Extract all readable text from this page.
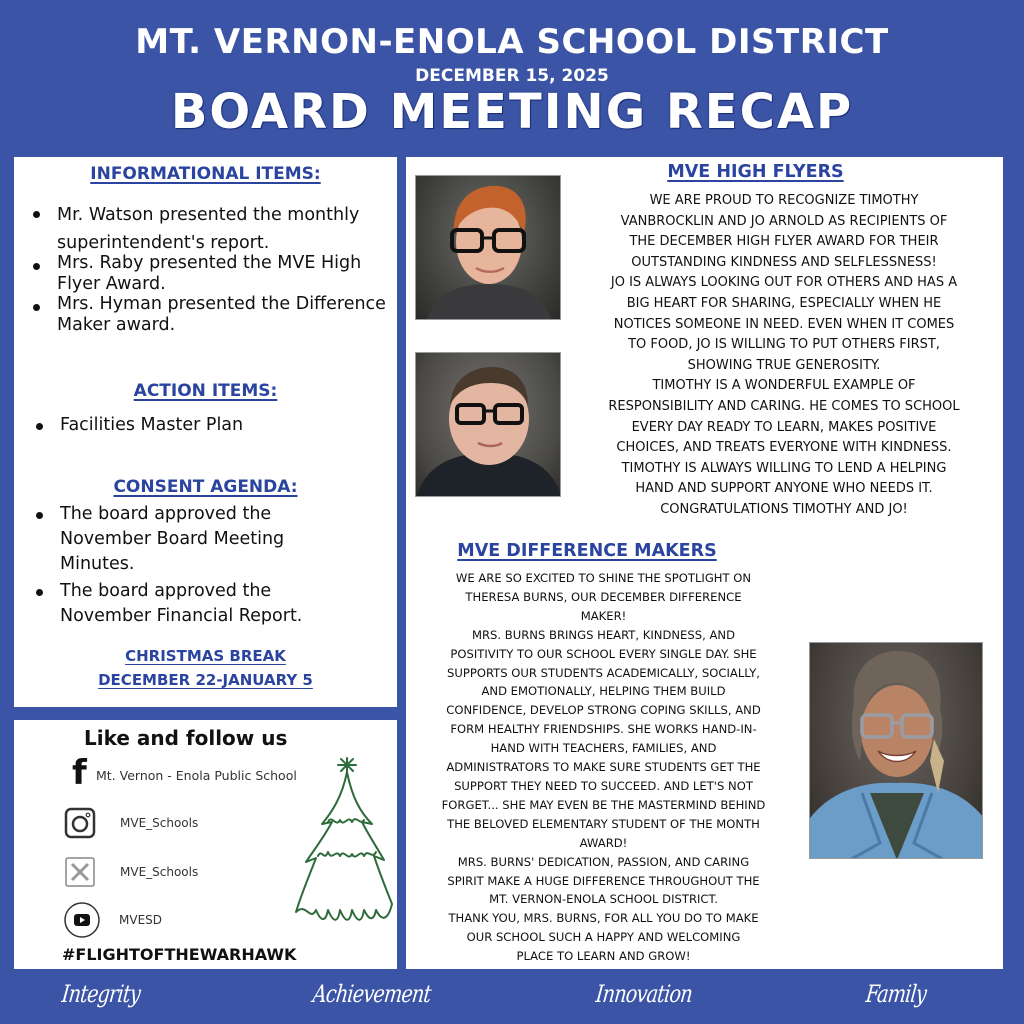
MT. VERNON-ENOLA SCHOOL DISTRICT
DECEMBER 15, 2025
BOARD MEETING RECAP
INFORMATIONAL ITEMS:
Mr. Watson presented the monthly superintendent's report.
Mrs. Raby presented the MVE High Flyer Award.
Mrs. Hyman presented the Difference Maker award.
ACTION ITEMS:
Facilities Master Plan
CONSENT AGENDA:
The board approved the November Board Meeting Minutes.
The board approved the November Financial Report.
CHRISTMAS BREAK
DECEMBER 22-JANUARY 5
Like and follow us
f Mt. Vernon - Enola Public School
MVE_Schools
MVE_Schools
MVESD
#FLIGHTOFTHEWARHAWK
MVE HIGH FLYERS
WE ARE PROUD TO RECOGNIZE TIMOTHY
VANBROCKLIN AND JO ARNOLD AS RECIPIENTS OF
THE DECEMBER HIGH FLYER AWARD FOR THEIR
OUTSTANDING KINDNESS AND SELFLESSNESS!
JO IS ALWAYS LOOKING OUT FOR OTHERS AND HAS A
BIG HEART FOR SHARING, ESPECIALLY WHEN HE
NOTICES SOMEONE IN NEED. EVEN WHEN IT COMES
TO FOOD, JO IS WILLING TO PUT OTHERS FIRST,
SHOWING TRUE GENEROSITY.
TIMOTHY IS A WONDERFUL EXAMPLE OF
RESPONSIBILITY AND CARING. HE COMES TO SCHOOL
EVERY DAY READY TO LEARN, MAKES POSITIVE
CHOICES, AND TREATS EVERYONE WITH KINDNESS.
TIMOTHY IS ALWAYS WILLING TO LEND A HELPING
HAND AND SUPPORT ANYONE WHO NEEDS IT.
CONGRATULATIONS TIMOTHY AND JO!
MVE DIFFERENCE MAKERS
WE ARE SO EXCITED TO SHINE THE SPOTLIGHT ON
THERESA BURNS, OUR DECEMBER DIFFERENCE
MAKER!
MRS. BURNS BRINGS HEART, KINDNESS, AND
POSITIVITY TO OUR SCHOOL EVERY SINGLE DAY. SHE
SUPPORTS OUR STUDENTS ACADEMICALLY, SOCIALLY,
AND EMOTIONALLY, HELPING THEM BUILD
CONFIDENCE, DEVELOP STRONG COPING SKILLS, AND
FORM HEALTHY FRIENDSHIPS. SHE WORKS HAND-IN-
HAND WITH TEACHERS, FAMILIES, AND
ADMINISTRATORS TO MAKE SURE STUDENTS GET THE
SUPPORT THEY NEED TO SUCCEED. AND LET'S NOT
FORGET... SHE MAY EVEN BE THE MASTERMIND BEHIND
THE BELOVED ELEMENTARY STUDENT OF THE MONTH
AWARD!
MRS. BURNS' DEDICATION, PASSION, AND CARING
SPIRIT MAKE A HUGE DIFFERENCE THROUGHOUT THE
MT. VERNON-ENOLA SCHOOL DISTRICT.
THANK YOU, MRS. BURNS, FOR ALL YOU DO TO MAKE
OUR SCHOOL SUCH A HAPPY AND WELCOMING
PLACE TO LEARN AND GROW!
Integrity	Achievement	Innovation	Family
